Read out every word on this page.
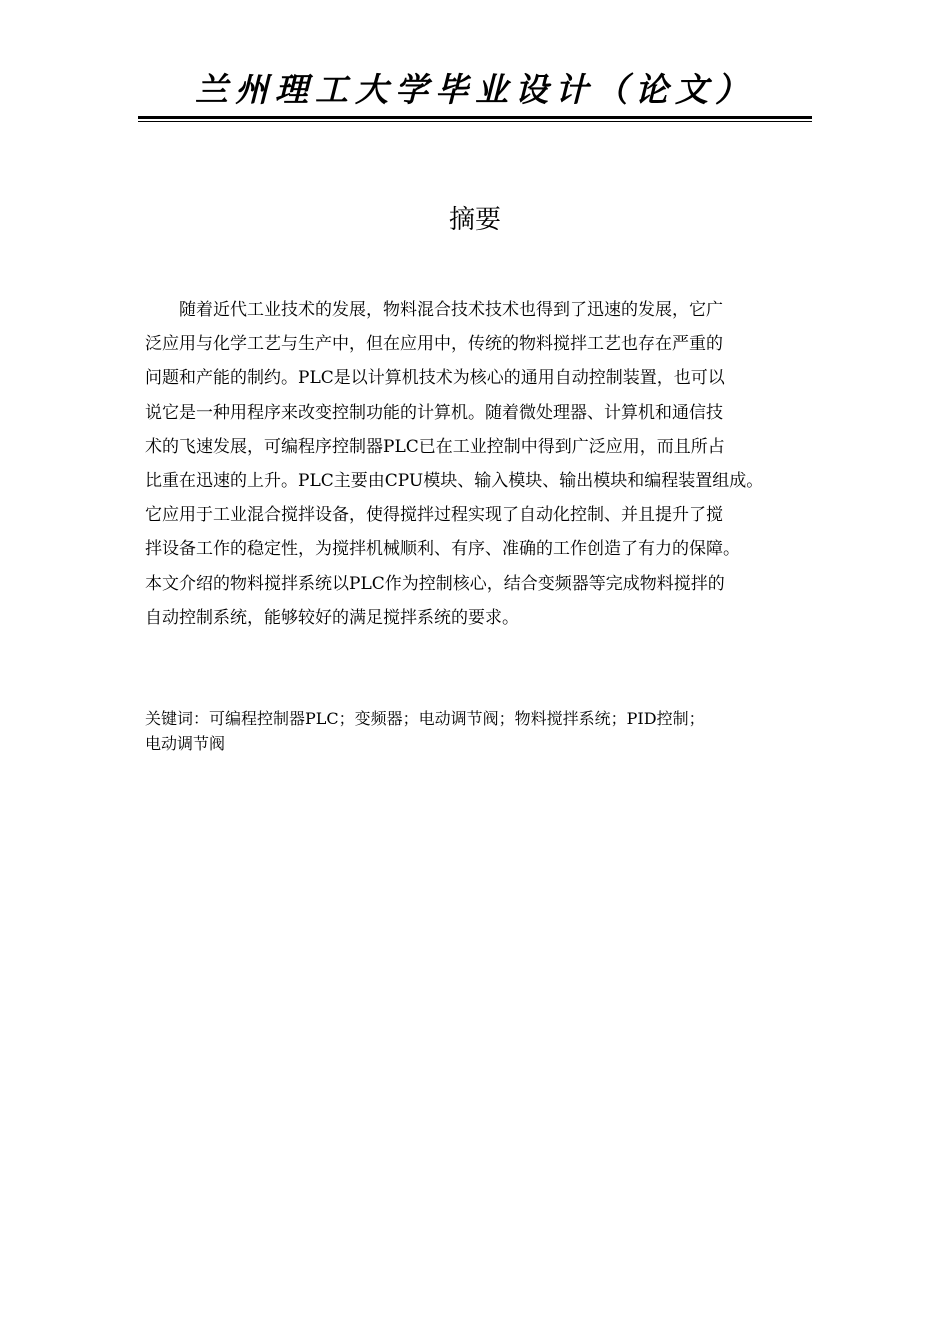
兰州理工大学毕业设计（论文）
摘要

随着近代工业技术的发展，物料混合技术技术也得到了迅速的发展，它广
泛应用与化学工艺与生产中，但在应用中，传统的物料搅拌工艺也存在严重的
问题和产能的制约。PLC是以计算机技术为核心的通用自动控制装置，也可以
说它是一种用程序来改变控制功能的计算机。随着微处理器、计算机和通信技
术的飞速发展，可编程序控制器PLC已在工业控制中得到广泛应用，而且所占
比重在迅速的上升。PLC主要由CPU模块、输入模块、输出模块和编程装置组成。
它应用于工业混合搅拌设备，使得搅拌过程实现了自动化控制、并且提升了搅
拌设备工作的稳定性，为搅拌机械顺利、有序、准确的工作创造了有力的保障。
本文介绍的物料搅拌系统以PLC作为控制核心，结合变频器等完成物料搅拌的
自动控制系统，能够较好的满足搅拌系统的要求。

关键词：可编程控制器PLC；变频器；电动调节阀；物料搅拌系统；PID控制；
电动调节阀
